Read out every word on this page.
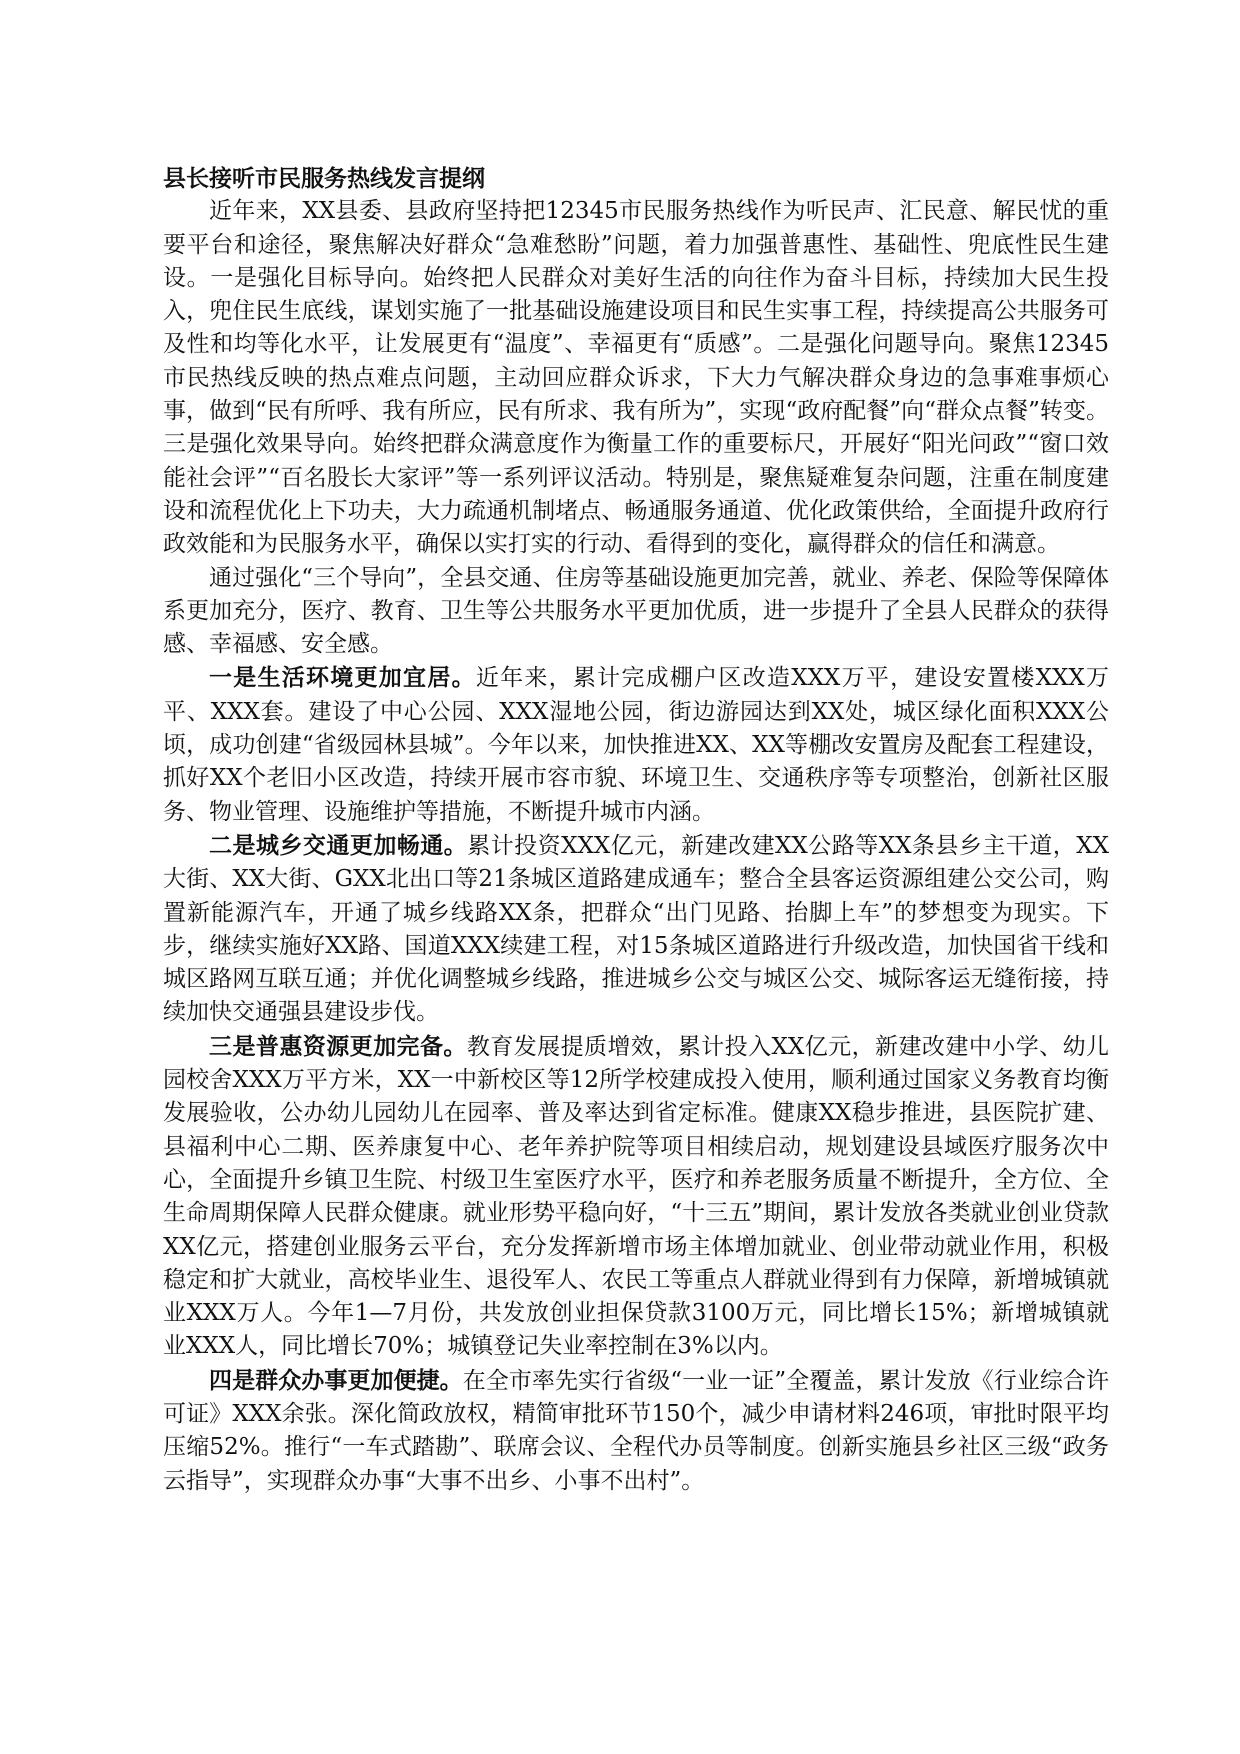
县长接听市民服务热线发言提纲

近年来，XX县委、县政府坚持把12345市民服务热线作为听民声、汇民意、解民忧的重要平台和途径，聚焦解决好群众“急难愁盼”问题，着力加强普惠性、基础性、兜底性民生建设。一是强化目标导向。始终把人民群众对美好生活的向往作为奋斗目标，持续加大民生投入，兜住民生底线，谋划实施了一批基础设施建设项目和民生实事工程，持续提高公共服务可及性和均等化水平，让发展更有“温度”、幸福更有“质感”。二是强化问题导向。聚焦12345市民热线反映的热点难点问题，主动回应群众诉求，下大力气解决群众身边的急事难事烦心事，做到“民有所呼、我有所应，民有所求、我有所为”，实现“政府配餐”向“群众点餐”转变。三是强化效果导向。始终把群众满意度作为衡量工作的重要标尺，开展好“阳光问政”“窗口效能社会评”“百名股长大家评”等一系列评议活动。特别是，聚焦疑难复杂问题，注重在制度建设和流程优化上下功夫，大力疏通机制堵点、畅通服务通道、优化政策供给，全面提升政府行政效能和为民服务水平，确保以实打实的行动、看得到的变化，赢得群众的信任和满意。

通过强化“三个导向”，全县交通、住房等基础设施更加完善，就业、养老、保险等保障体系更加充分，医疗、教育、卫生等公共服务水平更加优质，进一步提升了全县人民群众的获得感、幸福感、安全感。

一是生活环境更加宜居。近年来，累计完成棚户区改造XXX万平，建设安置楼XXX万平、XXX套。建设了中心公园、XXX湿地公园，街边游园达到XX处，城区绿化面积XXX公顷，成功创建“省级园林县城”。今年以来，加快推进XX、XX等棚改安置房及配套工程建设，抓好XX个老旧小区改造，持续开展市容市貌、环境卫生、交通秩序等专项整治，创新社区服务、物业管理、设施维护等措施，不断提升城市内涵。

二是城乡交通更加畅通。累计投资XXX亿元，新建改建XX公路等XX条县乡主干道，XX大街、XX大街、GXX北出口等21条城区道路建成通车；整合全县客运资源组建公交公司，购置新能源汽车，开通了城乡线路XX条，把群众“出门见路、抬脚上车”的梦想变为现实。下步，继续实施好XX路、国道XXX续建工程，对15条城区道路进行升级改造，加快国省干线和城区路网互联互通；并优化调整城乡线路，推进城乡公交与城区公交、城际客运无缝衔接，持续加快交通强县建设步伐。

三是普惠资源更加完备。教育发展提质增效，累计投入XX亿元，新建改建中小学、幼儿园校舍XXX万平方米，XX一中新校区等12所学校建成投入使用，顺利通过国家义务教育均衡发展验收，公办幼儿园幼儿在园率、普及率达到省定标准。健康XX稳步推进，县医院扩建、县福利中心二期、医养康复中心、老年养护院等项目相续启动，规划建设县域医疗服务次中心，全面提升乡镇卫生院、村级卫生室医疗水平，医疗和养老服务质量不断提升，全方位、全生命周期保障人民群众健康。就业形势平稳向好，“十三五”期间，累计发放各类就业创业贷款XX亿元，搭建创业服务云平台，充分发挥新增市场主体增加就业、创业带动就业作用，积极稳定和扩大就业，高校毕业生、退役军人、农民工等重点人群就业得到有力保障，新增城镇就业XXX万人。今年1—7月份，共发放创业担保贷款3100万元，同比增长15%；新增城镇就业XXX人，同比增长70%；城镇登记失业率控制在3%以内。

四是群众办事更加便捷。在全市率先实行省级“一业一证”全覆盖，累计发放《行业综合许可证》XXX余张。深化简政放权，精简审批环节150个，减少申请材料246项，审批时限平均压缩52%。推行“一车式踏勘”、联席会议、全程代办员等制度。创新实施县乡社区三级“政务云指导”，实现群众办事“大事不出乡、小事不出村”。
